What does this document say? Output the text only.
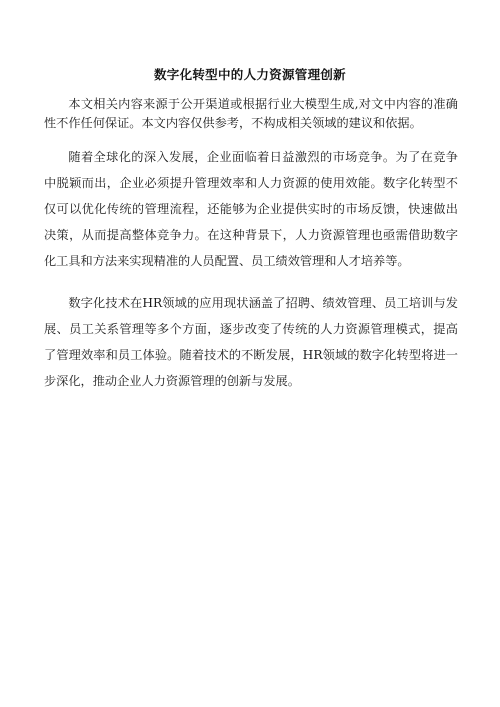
数字化转型中的人力资源管理创新

本文相关内容来源于公开渠道或根据行业大模型生成,对文中内容的准确性不作任何保证。本文内容仅供参考，不构成相关领域的建议和依据。

随着全球化的深入发展，企业面临着日益激烈的市场竞争。为了在竞争中脱颖而出，企业必须提升管理效率和人力资源的使用效能。数字化转型不仅可以优化传统的管理流程，还能够为企业提供实时的市场反馈，快速做出决策，从而提高整体竞争力。在这种背景下，人力资源管理也亟需借助数字化工具和方法来实现精准的人员配置、员工绩效管理和人才培养等。

数字化技术在HR领域的应用现状涵盖了招聘、绩效管理、员工培训与发展、员工关系管理等多个方面，逐步改变了传统的人力资源管理模式，提高了管理效率和员工体验。随着技术的不断发展，HR领域的数字化转型将进一步深化，推动企业人力资源管理的创新与发展。
